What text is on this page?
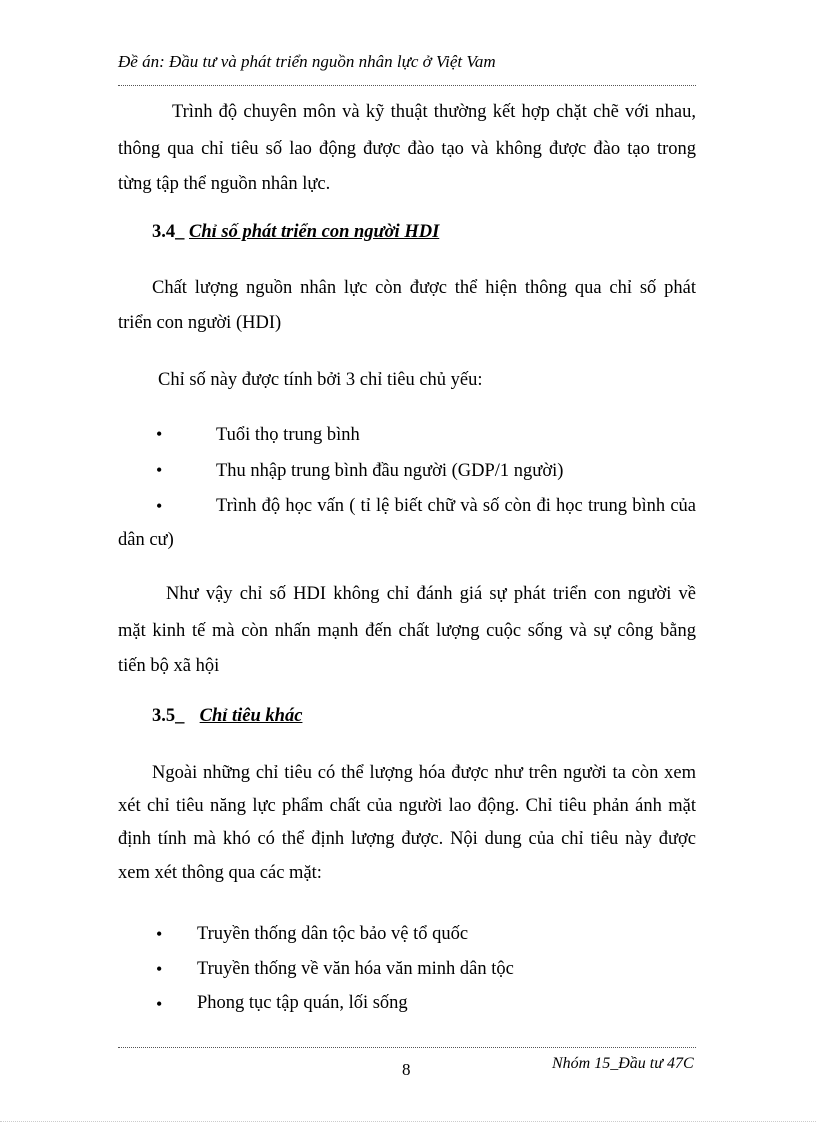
Đề án: Đầu tư và phát triển nguồn nhân lực ở Việt Vam
Trình độ chuyên môn và kỹ thuật thường kết hợp chặt chẽ với nhau,
thông qua chỉ tiêu số lao động được đào tạo và không được đào tạo trong
từng tập thể nguồn nhân lực.
3.4_ Chỉ số phát triển con người HDI
Chất lượng nguồn nhân lực còn được thể hiện thông qua chỉ số phát
triển con người (HDI)
Chỉ số này được tính bởi 3 chỉ tiêu chủ yếu:
•	Tuổi thọ trung bình
•	Thu nhập trung bình đầu người (GDP/1 người)
•	Trình độ học vấn ( tỉ lệ biết chữ và số còn đi học trung bình của
dân cư)
Như vậy chỉ số HDI không chỉ đánh giá sự phát triển con người về
mặt kinh tế mà còn nhấn mạnh đến chất lượng cuộc sống và sự công bằng
tiến bộ xã hội
3.5_ Chỉ tiêu khác
Ngoài những chỉ tiêu có thể lượng hóa được như trên người ta còn xem
xét chỉ tiêu năng lực phẩm chất của người lao động. Chỉ tiêu phản ánh mặt
định tính mà khó có thể định lượng được. Nội dung của chỉ tiêu này được
xem xét thông qua các mặt:
• Truyền thống dân tộc bảo vệ tổ quốc
• Truyền thống về văn hóa văn minh dân tộc
• Phong tục tập quán, lối sống
8	Nhóm 15_Đầu tư 47C
